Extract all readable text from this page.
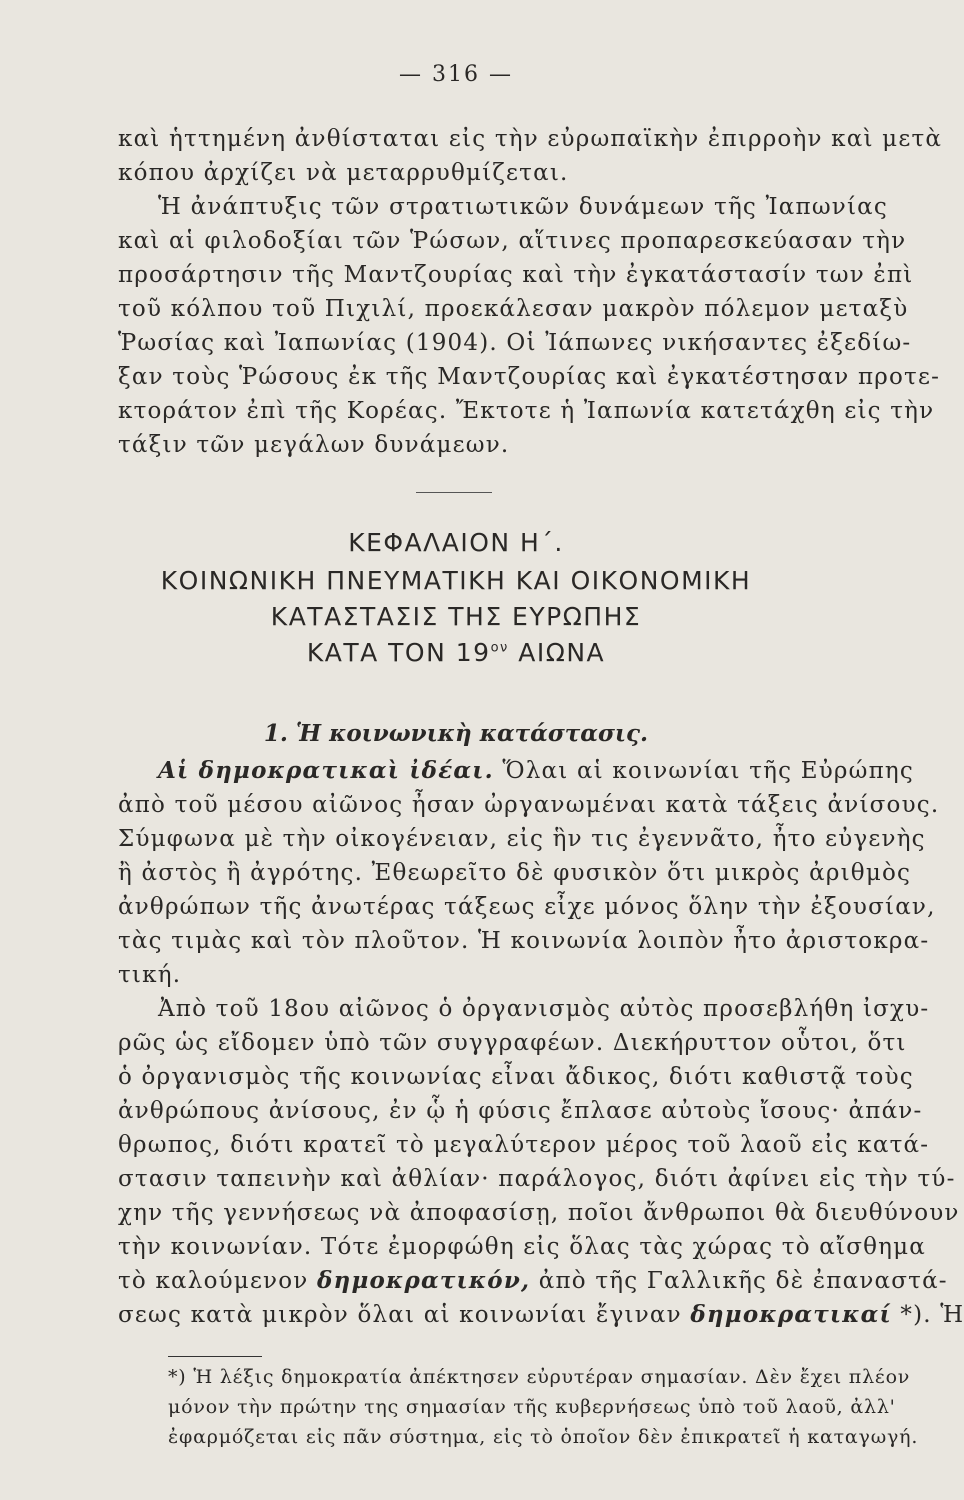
— 316 —
καὶ ἡττημένη ἀνθίσταται εἰς τὴν εὐρωπαϊκὴν ἐπιρροὴν καὶ μετὰ
κόπου ἀρχίζει νὰ μεταρρυθμίζεται.
Ἡ ἀνάπτυξις τῶν στρατιωτικῶν δυνάμεων τῆς Ἰαπωνίας
καὶ αἱ φιλοδοξίαι τῶν Ῥώσων, αἵτινες προπαρεσκεύασαν τὴν
προσάρτησιν τῆς Μαντζουρίας καὶ τὴν ἐγκατάστασίν των ἐπὶ
τοῦ κόλπου τοῦ Πιχιλί, προεκάλεσαν μακρὸν πόλεμον μεταξὺ
Ῥωσίας καὶ Ἰαπωνίας (1904). Οἱ Ἰάπωνες νικήσαντες ἐξεδίω-
ξαν τοὺς Ῥώσους ἐκ τῆς Μαντζουρίας καὶ ἐγκατέστησαν προτε-
κτοράτον ἐπὶ τῆς Κορέας. Ἔκτοτε ἡ Ἰαπωνία κατετάχθη εἰς τὴν
τάξιν τῶν μεγάλων δυνάμεων.
ΚΕΦΑΛΑΙΟΝ Η΄.
ΚΟΙΝΩΝΙΚΗ ΠΝΕΥΜΑΤΙΚΗ ΚΑΙ ΟΙΚΟΝΟΜΙΚΗ
ΚΑΤΑΣΤΑΣΙΣ ΤΗΣ ΕΥΡΩΠΗΣ
ΚΑΤΑ ΤΟΝ $19^{o\nu}$ ΑΙΩΝΑ
1. Ἡ κοινωνικὴ κατάστασις.
Αἱ δημοκρατικαὶ ἰδέαι. Ὅλαι αἱ κοινωνίαι τῆς Εὐρώπης
ἀπὸ τοῦ μέσου αἰῶνος ἦσαν ὠργανωμέναι κατὰ τάξεις ἀνίσους.
Σύμφωνα μὲ τὴν οἰκογένειαν, εἰς ἣν τις ἐγεννᾶτο, ἦτο εὐγενὴς
ἢ ἀστὸς ἢ ἀγρότης. Ἐθεωρεῖτο δὲ φυσικὸν ὅτι μικρὸς ἀριθμὸς
ἀνθρώπων τῆς ἀνωτέρας τάξεως εἶχε μόνος ὅλην τὴν ἐξουσίαν,
τὰς τιμὰς καὶ τὸν πλοῦτον. Ἡ κοινωνία λοιπὸν ἦτο ἀριστοκρα-
τική.
Ἀπὸ τοῦ 18ου αἰῶνος ὁ ὀργανισμὸς αὐτὸς προσεβλήθη ἰσχυ-
ρῶς ὡς εἴδομεν ὑπὸ τῶν συγγραφέων. Διεκήρυττον οὗτοι, ὅτι
ὁ ὀργανισμὸς τῆς κοινωνίας εἶναι ἄδικος, διότι καθιστᾷ τοὺς
ἀνθρώπους ἀνίσους, ἐν ᾧ ἡ φύσις ἔπλασε αὐτοὺς ἴσους· ἀπάν-
θρωπος, διότι κρατεῖ τὸ μεγαλύτερον μέρος τοῦ λαοῦ εἰς κατά-
στασιν ταπεινὴν καὶ ἀθλίαν· παράλογος, διότι ἀφίνει εἰς τὴν τύ-
χην τῆς γεννήσεως νὰ ἀποφασίσῃ, ποῖοι ἄνθρωποι θὰ διευθύνουν
τὴν κοινωνίαν. Τότε ἐμορφώθη εἰς ὅλας τὰς χώρας τὸ αἴσθημα
τὸ καλούμενον δημοκρατικόν, ἀπὸ τῆς Γαλλικῆς δὲ ἐπαναστά-
σεως κατὰ μικρὸν ὅλαι αἱ κοινωνίαι ἔγιναν δημοκρατικαί *). Ἡ
*) Ἡ λέξις δημοκρατία ἀπέκτησεν εὐρυτέραν σημασίαν. Δὲν ἔχει πλέον
μόνον τὴν πρώτην της σημασίαν τῆς κυβερνήσεως ὑπὸ τοῦ λαοῦ, ἀλλ'
ἐφαρμόζεται εἰς πᾶν σύστημα, εἰς τὸ ὁποῖον δὲν ἐπικρατεῖ ἡ καταγωγή.
